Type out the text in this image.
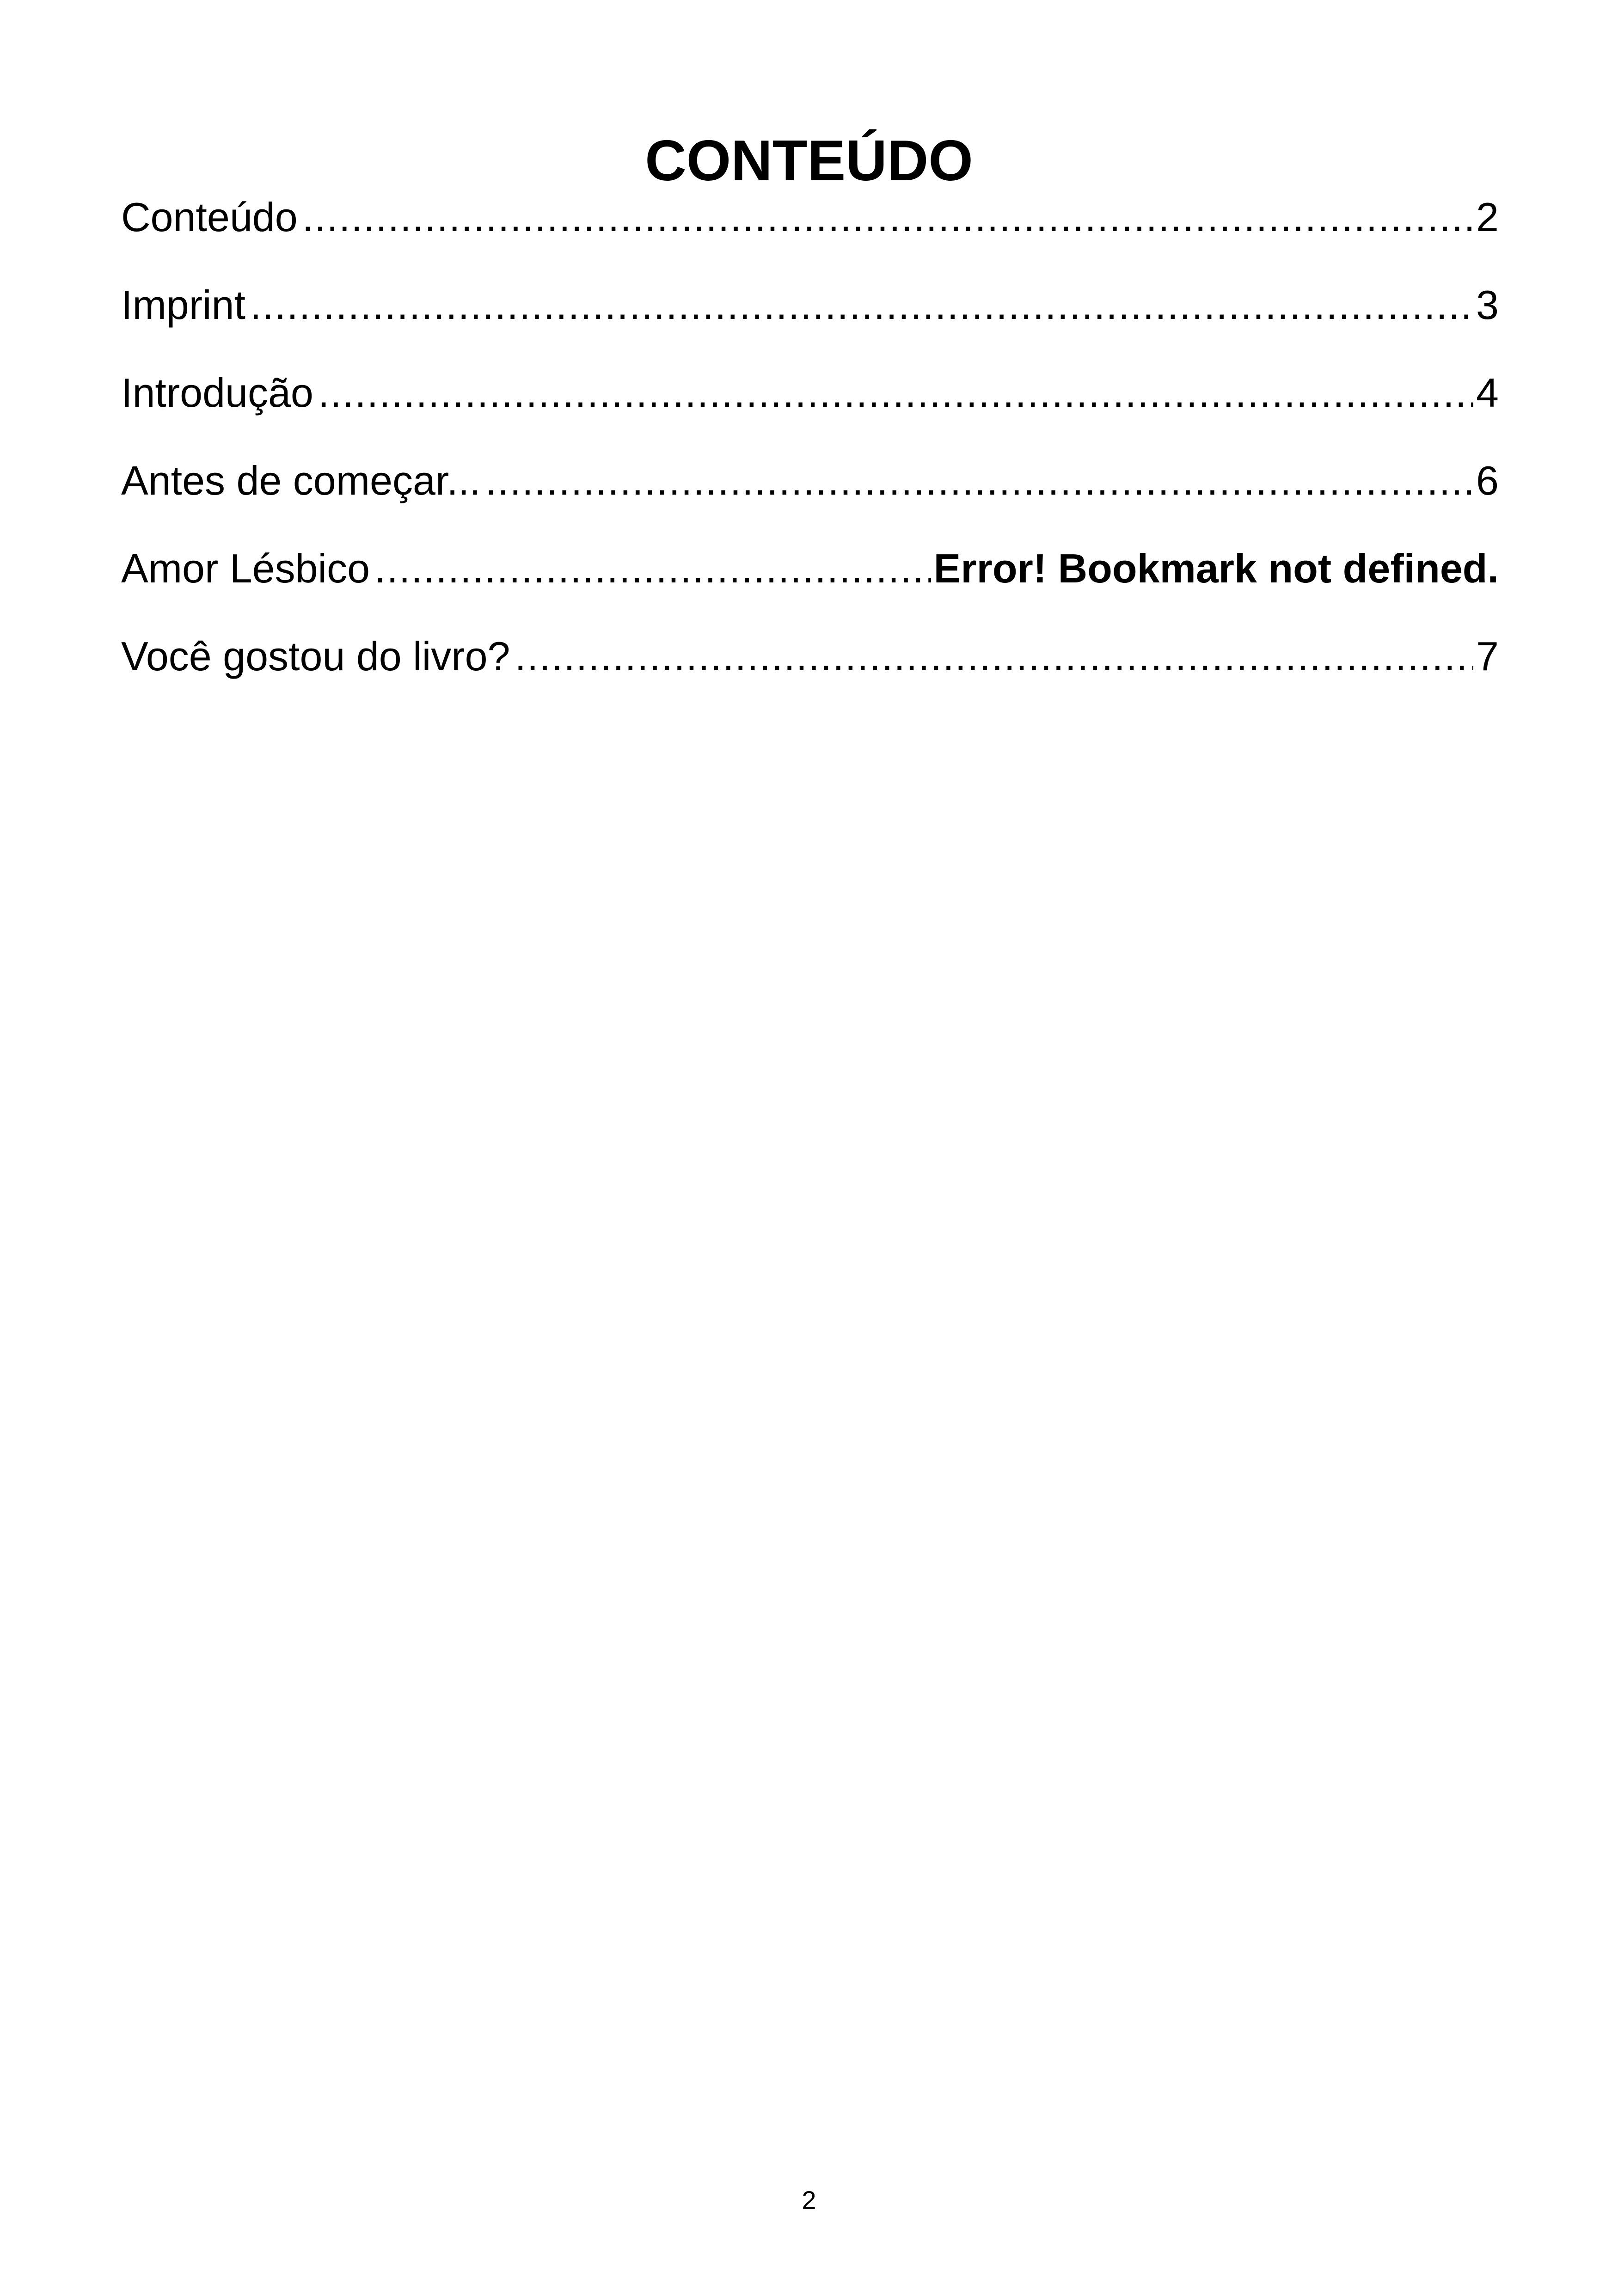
CONTEÚDO
Conteúdo .....	2
Imprint .....	3
Introdução .....	4
Antes de começar... .....	6
Amor Lésbico .....	Error! Bookmark not defined.
Você gostou do livro? .....	7
2
